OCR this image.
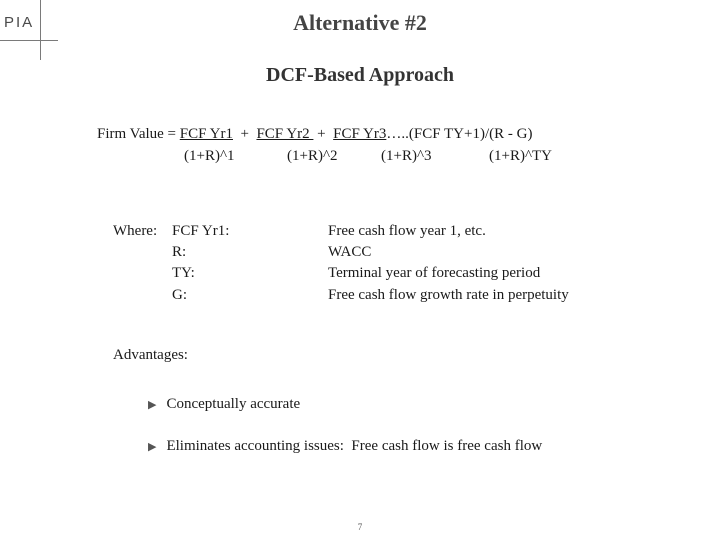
PIA	Alternative #2
DCF-Based Approach
Firm Value = FCF Yr1  +  FCF Yr2  +  FCF Yr3…..(FCF TY+1)/(R - G)
(1+R)^1	(1+R)^2	(1+R)^3	(1+R)^TY
Where: FCF Yr1:	Free cash flow year 1, etc.
R:	WACC
TY:	Terminal year of forecasting period
G:	Free cash flow growth rate in perpetuity
Advantages:
▶ Conceptually accurate
▶ Eliminates accounting issues:  Free cash flow is free cash flow
7
